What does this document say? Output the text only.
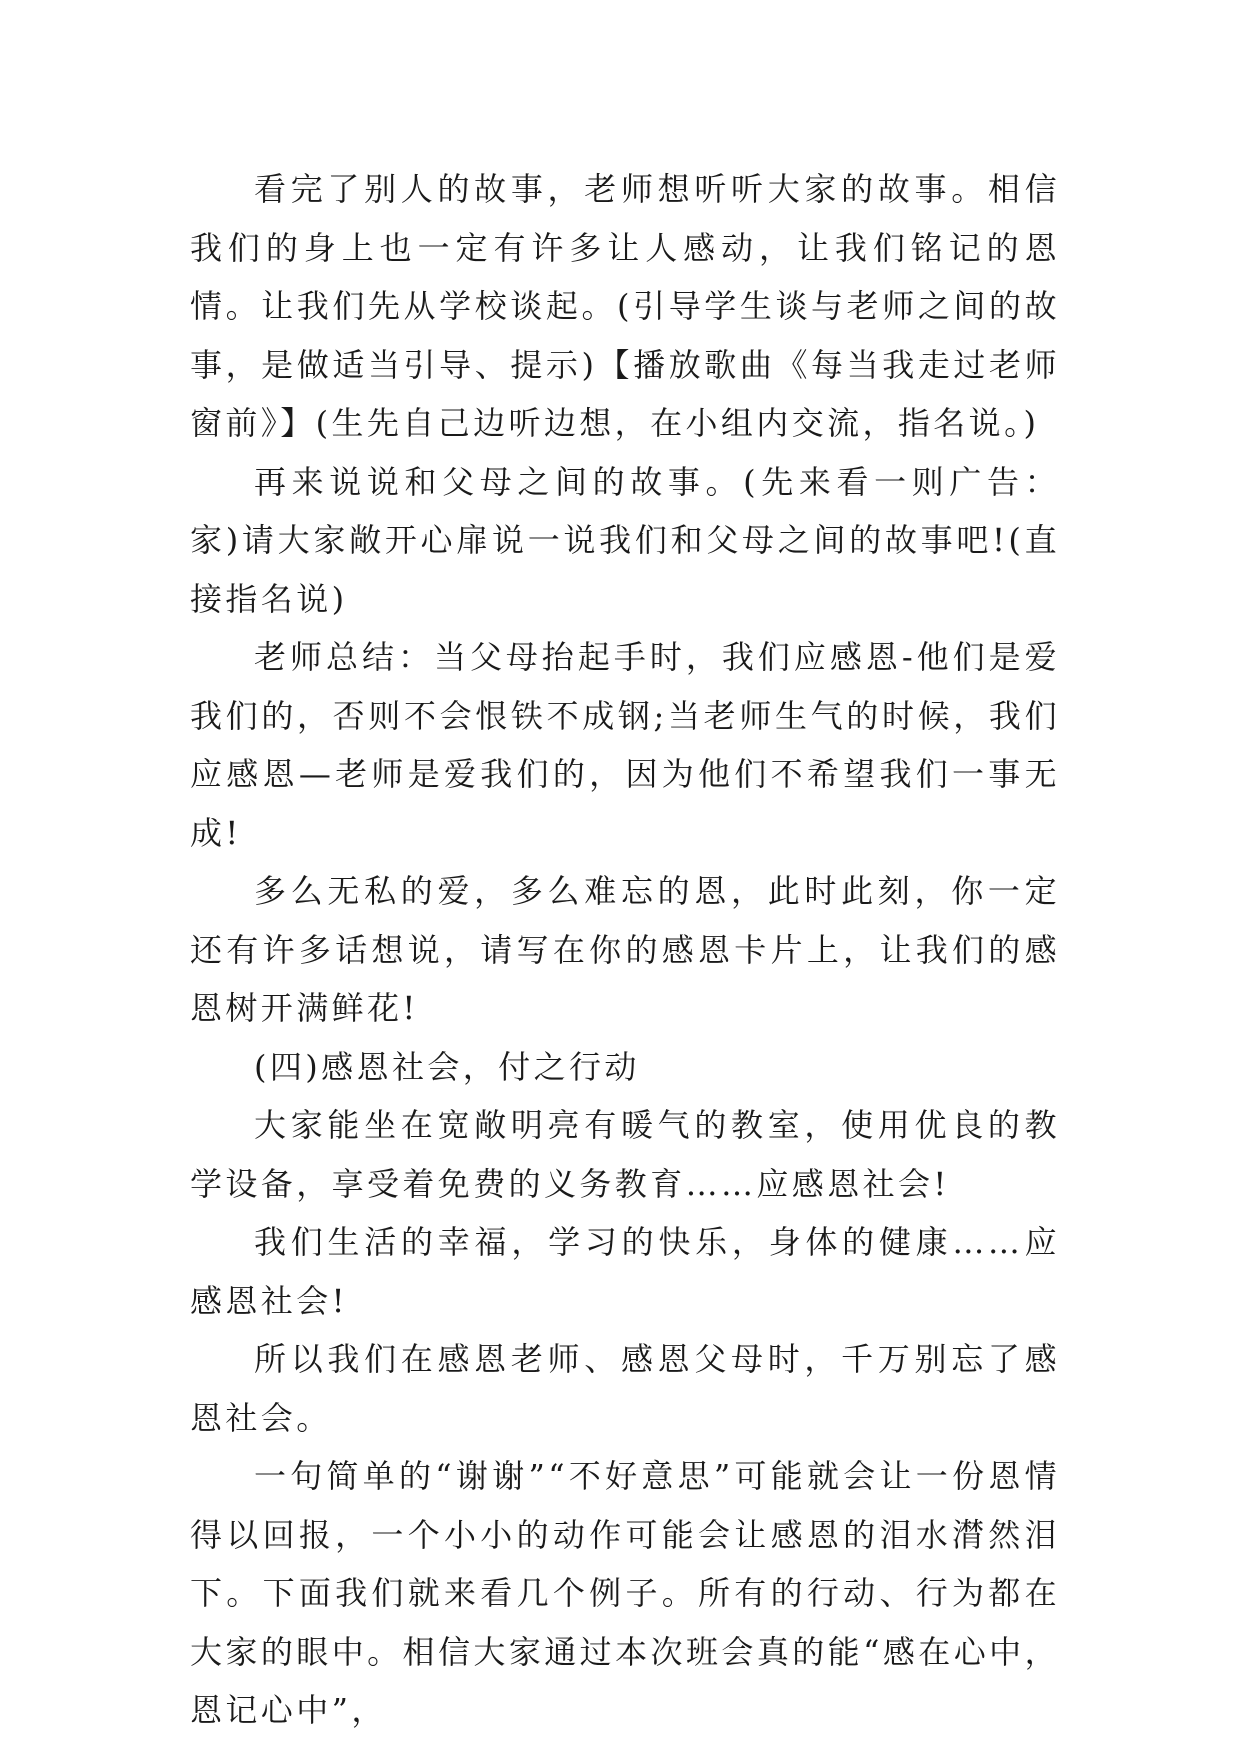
看完了别人的故事，老师想听听大家的故事。相信我们的身上也一定有许多让人感动，让我们铭记的恩情。让我们先从学校谈起。(引导学生谈与老师之间的故事，是做适当引导、提示)【播放歌曲《每当我走过老师窗前》】(生先自己边听边想，在小组内交流，指名说。)

再来说说和父母之间的故事。(先来看一则广告：家)请大家敞开心扉说一说我们和父母之间的故事吧!(直接指名说)

老师总结：当父母抬起手时，我们应感恩-他们是爱我们的，否则不会恨铁不成钢;当老师生气的时候，我们应感恩—老师是爱我们的，因为他们不希望我们一事无成!

多么无私的爱，多么难忘的恩，此时此刻，你一定还有许多话想说，请写在你的感恩卡片上，让我们的感恩树开满鲜花!

(四)感恩社会，付之行动

大家能坐在宽敞明亮有暖气的教室，使用优良的教学设备，享受着免费的义务教育……应感恩社会!

我们生活的幸福，学习的快乐，身体的健康……应感恩社会!

所以我们在感恩老师、感恩父母时，千万别忘了感恩社会。

一句简单的“谢谢”“不好意思”可能就会让一份恩情得以回报，一个小小的动作可能会让感恩的泪水潸然泪下。下面我们就来看几个例子。所有的行动、行为都在大家的眼中。相信大家通过本次班会真的能“感在心中，恩记心中”，
